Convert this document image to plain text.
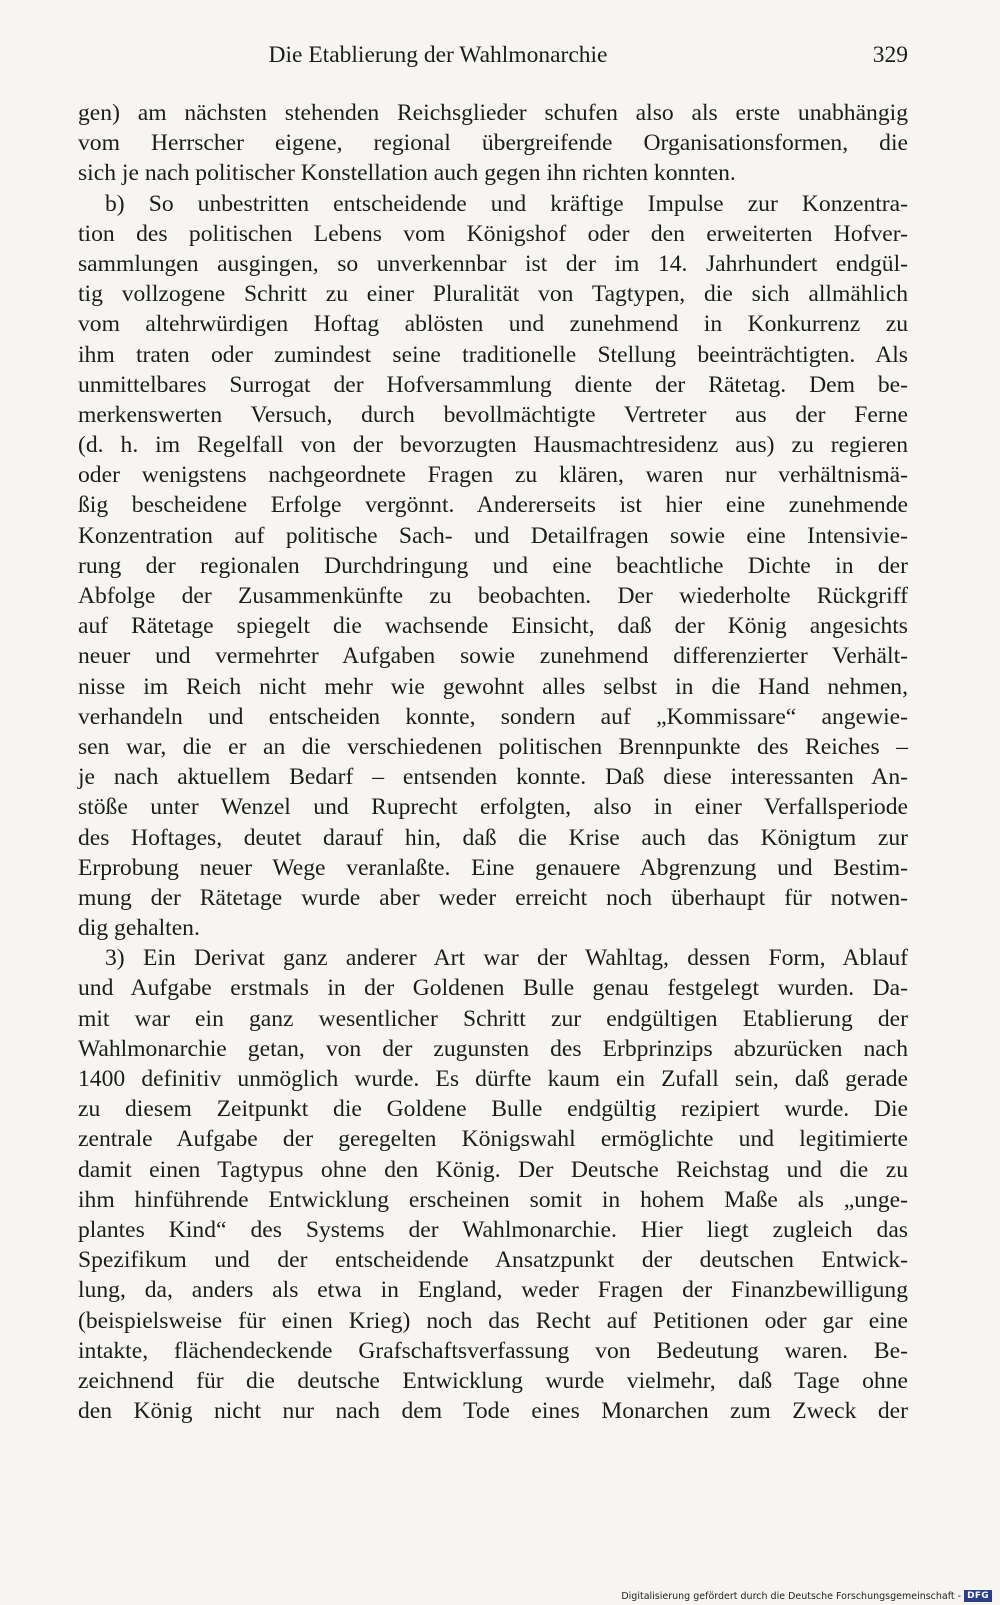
Die Etablierung der Wahlmonarchie	329
gen) am nächsten stehenden Reichsglieder schufen also als erste unabhängig
vom Herrscher eigene, regional übergreifende Organisationsformen, die
sich je nach politischer Konstellation auch gegen ihn richten konnten.
b) So unbestritten entscheidende und kräftige Impulse zur Konzentra-
tion des politischen Lebens vom Königshof oder den erweiterten Hofver-
sammlungen ausgingen, so unverkennbar ist der im 14. Jahrhundert endgül-
tig vollzogene Schritt zu einer Pluralität von Tagtypen, die sich allmählich
vom altehrwürdigen Hoftag ablösten und zunehmend in Konkurrenz zu
ihm traten oder zumindest seine traditionelle Stellung beeinträchtigten. Als
unmittelbares Surrogat der Hofversammlung diente der Rätetag. Dem be-
merkenswerten Versuch, durch bevollmächtigte Vertreter aus der Ferne
(d. h. im Regelfall von der bevorzugten Hausmachtresidenz aus) zu regieren
oder wenigstens nachgeordnete Fragen zu klären, waren nur verhältnismä-
ßig bescheidene Erfolge vergönnt. Andererseits ist hier eine zunehmende
Konzentration auf politische Sach- und Detailfragen sowie eine Intensivie-
rung der regionalen Durchdringung und eine beachtliche Dichte in der
Abfolge der Zusammenkünfte zu beobachten. Der wiederholte Rückgriff
auf Rätetage spiegelt die wachsende Einsicht, daß der König angesichts
neuer und vermehrter Aufgaben sowie zunehmend differenzierter Verhält-
nisse im Reich nicht mehr wie gewohnt alles selbst in die Hand nehmen,
verhandeln und entscheiden konnte, sondern auf „Kommissare“ angewie-
sen war, die er an die verschiedenen politischen Brennpunkte des Reiches –
je nach aktuellem Bedarf – entsenden konnte. Daß diese interessanten An-
stöße unter Wenzel und Ruprecht erfolgten, also in einer Verfallsperiode
des Hoftages, deutet darauf hin, daß die Krise auch das Königtum zur
Erprobung neuer Wege veranlaßte. Eine genauere Abgrenzung und Bestim-
mung der Rätetage wurde aber weder erreicht noch überhaupt für notwen-
dig gehalten.
3) Ein Derivat ganz anderer Art war der Wahltag, dessen Form, Ablauf
und Aufgabe erstmals in der Goldenen Bulle genau festgelegt wurden. Da-
mit war ein ganz wesentlicher Schritt zur endgültigen Etablierung der
Wahlmonarchie getan, von der zugunsten des Erbprinzips abzurücken nach
1400 definitiv unmöglich wurde. Es dürfte kaum ein Zufall sein, daß gerade
zu diesem Zeitpunkt die Goldene Bulle endgültig rezipiert wurde. Die
zentrale Aufgabe der geregelten Königswahl ermöglichte und legitimierte
damit einen Tagtypus ohne den König. Der Deutsche Reichstag und die zu
ihm hinführende Entwicklung erscheinen somit in hohem Maße als „unge-
plantes Kind“ des Systems der Wahlmonarchie. Hier liegt zugleich das
Spezifikum und der entscheidende Ansatzpunkt der deutschen Entwick-
lung, da, anders als etwa in England, weder Fragen der Finanzbewilligung
(beispielsweise für einen Krieg) noch das Recht auf Petitionen oder gar eine
intakte, flächendeckende Grafschaftsverfassung von Bedeutung waren. Be-
zeichnend für die deutsche Entwicklung wurde vielmehr, daß Tage ohne
den König nicht nur nach dem Tode eines Monarchen zum Zweck der
Digitalisierung gefördert durch die Deutsche Forschungsgemeinschaft - DFG
